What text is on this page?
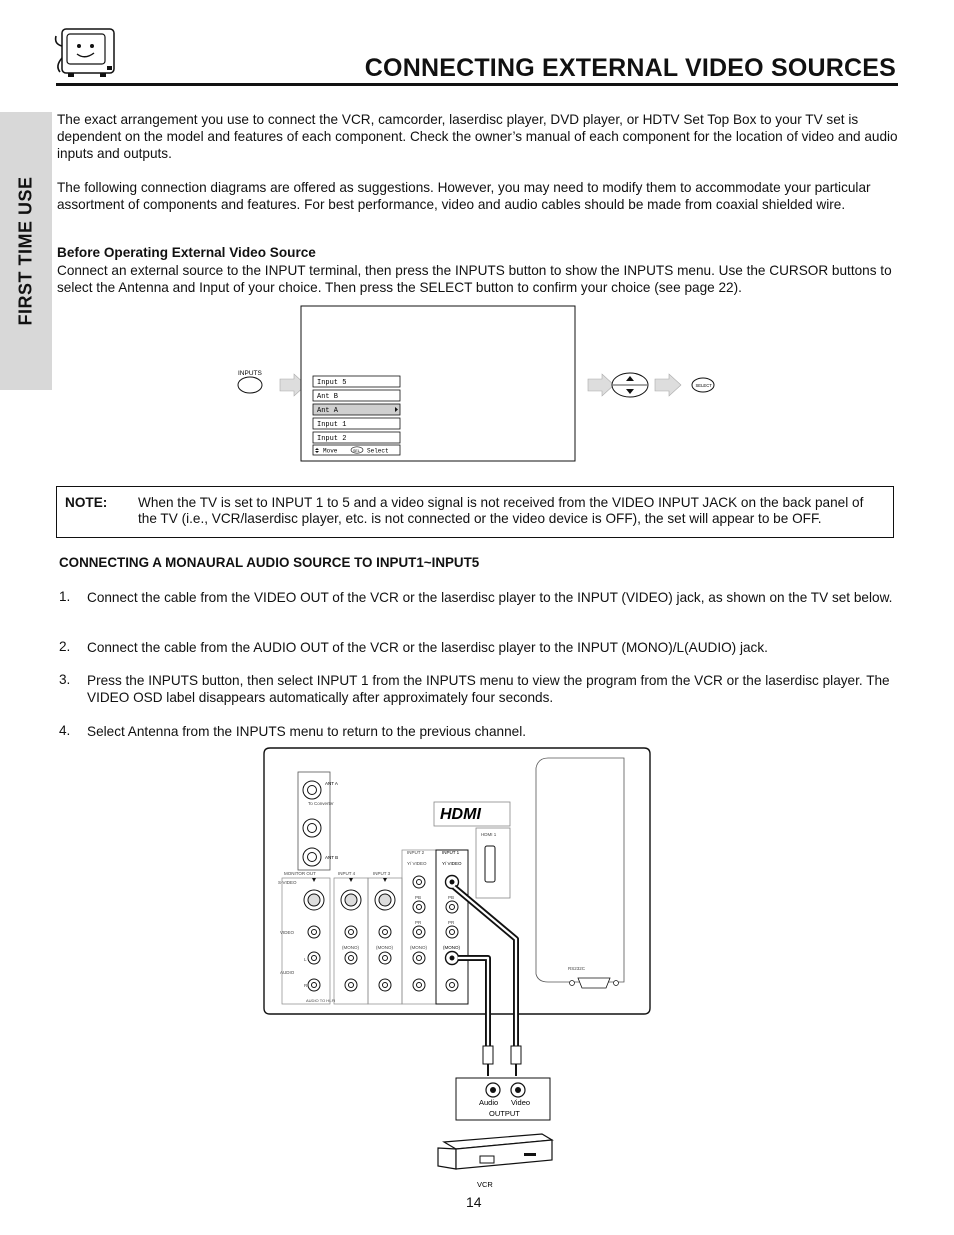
CONNECTING EXTERNAL VIDEO SOURCES
FIRST TIME USE

The exact arrangement you use to connect the VCR, camcorder, laserdisc player, DVD player, or HDTV Set Top Box to your TV set is dependent on the model and features of each component. Check the owner’s manual of each component for the location of video and audio inputs and outputs.

The following connection diagrams are offered as suggestions. However, you may need to modify them to accommodate your particular assortment of components and features. For best performance, video and audio cables should be made from coaxial shielded wire.

Before Operating External Video Source

Connect an external source to the INPUT terminal, then press the INPUTS button to show the INPUTS menu. Use the CURSOR buttons to select the Antenna and Input of your choice. Then press the SELECT button to confirm your choice (see page 22).

INPUTS
Input 5
Ant B
Ant A
Input 1
Input 2
Move	SEL Select
SELECT
NOTE: When the TV is set to INPUT 1 to 5 and a video signal is not received from the VIDEO INPUT JACK on the back panel of the TV (i.e., VCR/laserdisc player, etc. is not connected or the video device is OFF), the set will appear to be OFF.

CONNECTING A MONAURAL AUDIO SOURCE TO INPUT1~INPUT5

1. Connect the cable from the VIDEO OUT of the VCR or the laserdisc player to the INPUT (VIDEO) jack, as shown on the TV set below.

2. Connect the cable from the AUDIO OUT of the VCR or the laserdisc player to the INPUT (MONO)/L(AUDIO) jack.

3. Press the INPUTS button, then select INPUT 1 from the INPUTS menu to view the program from the VCR or the laserdisc player. The VIDEO OSD label disappears automatically after approximately four seconds.

4. Select Antenna from the INPUTS menu to return to the previous channel.

ANT A
To Converter
ANT B
HDMI
HDMI 1
MONITOR OUT	INPUT 4	INPUT 3
INPUT 2	INPUT 1
S-VIDEO
Y/ VIDEO	Y/ VIDEO
PB
PR
PB
PR
VIDEO
(MONO)	(MONO)	(MONO)	(MONO)
AUDIO
L
R
AUDIO TO HI-FI
RS232C
Audio Video
OUTPUT
VCR
14
